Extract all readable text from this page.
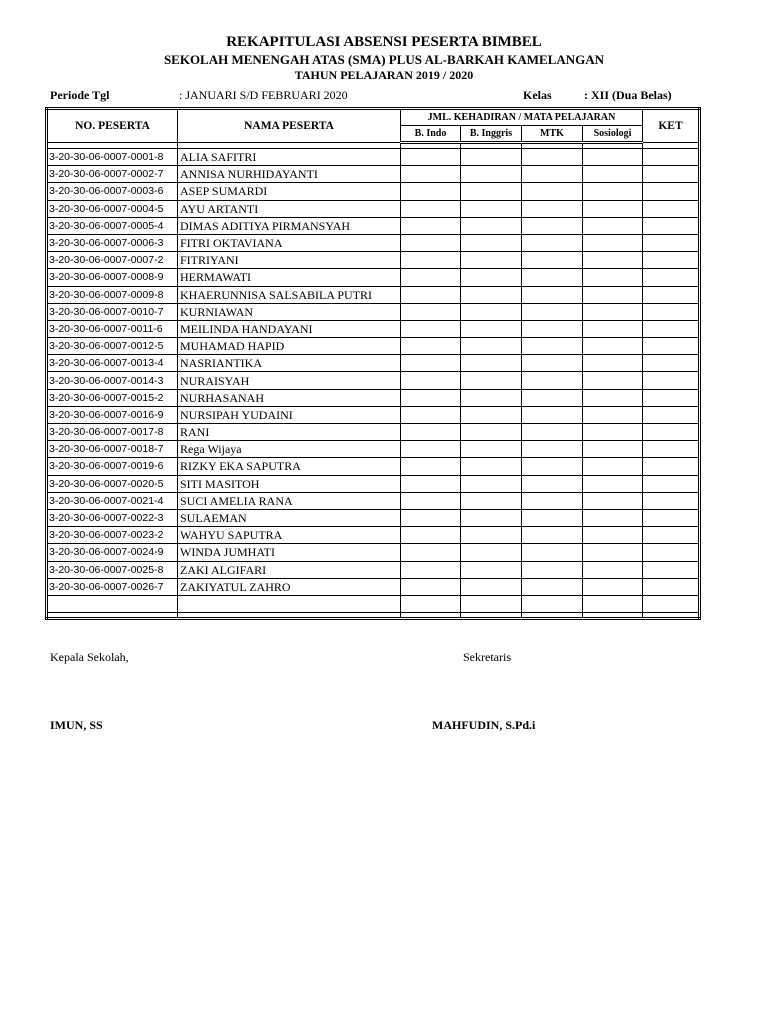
REKAPITULASI ABSENSI PESERTA BIMBEL
SEKOLAH MENENGAH ATAS (SMA) PLUS AL-BARKAH KAMELANGAN
TAHUN PELAJARAN 2019 / 2020
Periode Tgl	: JANUARI S/D FEBRUARI 2020	Kelas	: XII (Dua Belas)
NO. PESERTA	NAMA PESERTA	JML. KEHADIRAN / MATA PELAJARAN				KET
		B. Indo	B. Inggris	MTK	Sosiologi	

3-20-30-06-0007-0001-8	ALIA SAFITRI					
3-20-30-06-0007-0002-7	ANNISA NURHIDAYANTI					
3-20-30-06-0007-0003-6	ASEP SUMARDI					
3-20-30-06-0007-0004-5	AYU ARTANTI					
3-20-30-06-0007-0005-4	DIMAS ADITIYA PIRMANSYAH					
3-20-30-06-0007-0006-3	FITRI OKTAVIANA					
3-20-30-06-0007-0007-2	FITRIYANI					
3-20-30-06-0007-0008-9	HERMAWATI					
3-20-30-06-0007-0009-8	KHAERUNNISA SALSABILA PUTRI					
3-20-30-06-0007-0010-7	KURNIAWAN					
3-20-30-06-0007-0011-6	MEILINDA HANDAYANI					
3-20-30-06-0007-0012-5	MUHAMAD HAPID					
3-20-30-06-0007-0013-4	NASRIANTIKA					
3-20-30-06-0007-0014-3	NURAISYAH					
3-20-30-06-0007-0015-2	NURHASANAH					
3-20-30-06-0007-0016-9	NURSIPAH YUDAINI					
3-20-30-06-0007-0017-8	RANI					
3-20-30-06-0007-0018-7	Rega Wijaya					
3-20-30-06-0007-0019-6	RIZKY EKA SAPUTRA					
3-20-30-06-0007-0020-5	SITI MASITOH					
3-20-30-06-0007-0021-4	SUCI AMELIA RANA					
3-20-30-06-0007-0022-3	SULAEMAN					
3-20-30-06-0007-0023-2	WAHYU SAPUTRA					
3-20-30-06-0007-0024-9	WINDA JUMHATI					
3-20-30-06-0007-0025-8	ZAKI ALGIFARI					
3-20-30-06-0007-0026-7	ZAKIYATUL ZAHRO					

Kepala Sekolah,	Sekretaris
IMUN, SS	MAHFUDIN, S.Pd.i
